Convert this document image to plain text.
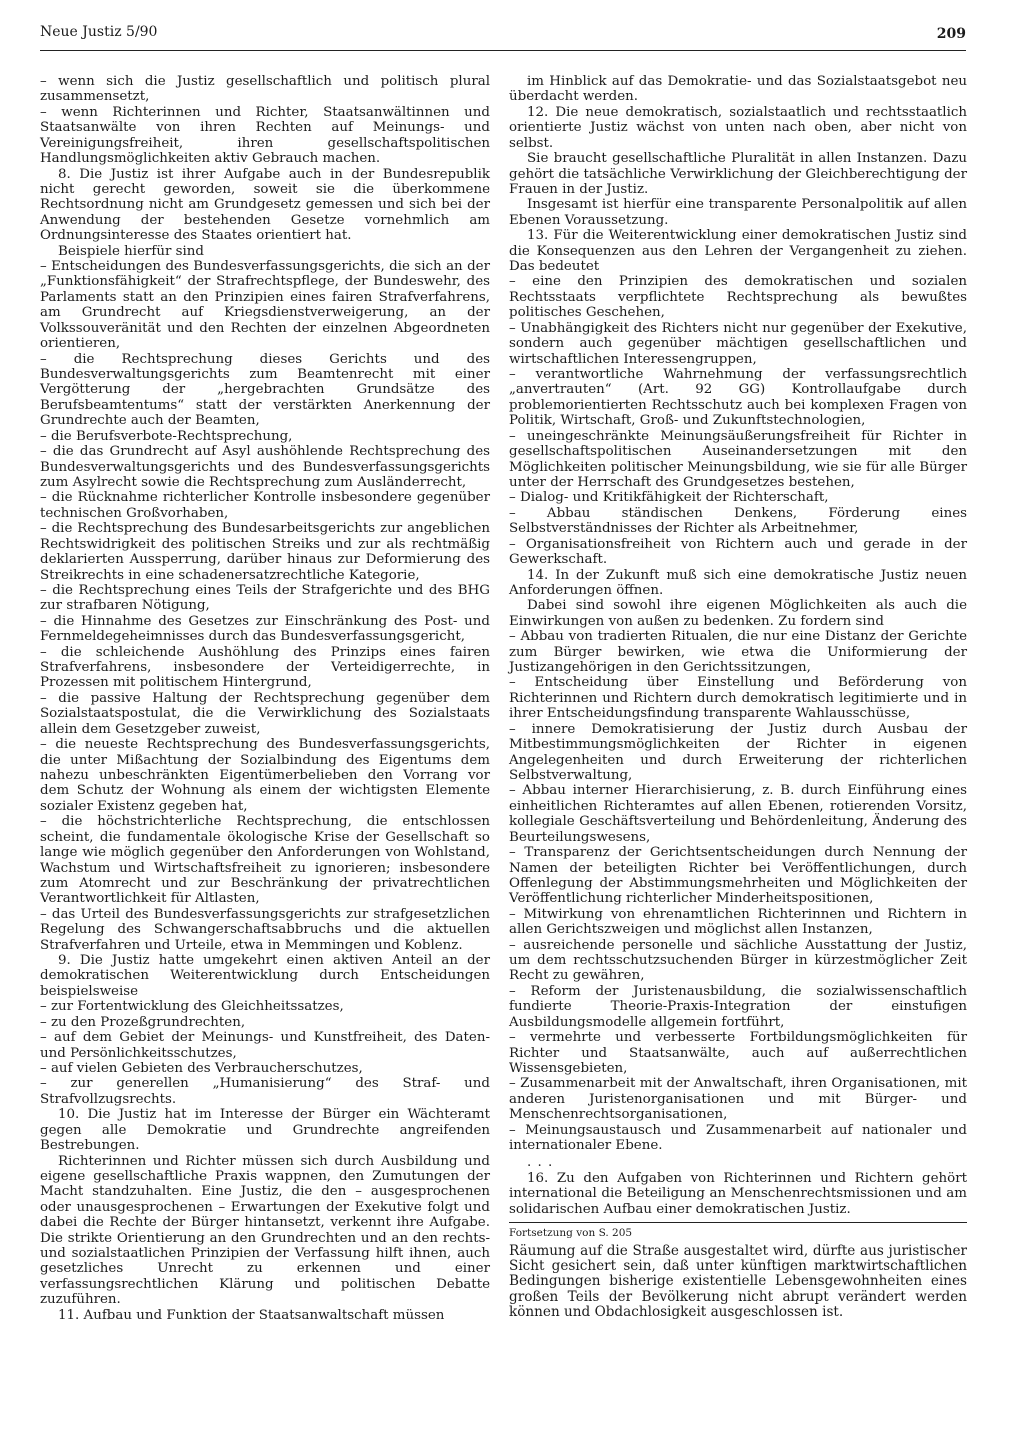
Neue Justiz 5/90	209

– wenn sich die Justiz gesellschaftlich und politisch plural zusammensetzt,

– wenn Richterinnen und Richter, Staatsanwältinnen und Staatsanwälte von ihren Rechten auf Meinungs- und Vereinigungsfreiheit, ihren gesellschaftspolitischen Handlungsmöglichkeiten aktiv Gebrauch machen.

8. Die Justiz ist ihrer Aufgabe auch in der Bundesrepublik nicht gerecht geworden, soweit sie die überkommene Rechtsordnung nicht am Grundgesetz gemessen und sich bei der Anwendung der bestehenden Gesetze vornehmlich am Ordnungsinteresse des Staates orientiert hat.

Beispiele hierfür sind

– Entscheidungen des Bundesverfassungsgerichts, die sich an der „Funktionsfähigkeit“ der Strafrechtspflege, der Bundeswehr, des Parlaments statt an den Prinzipien eines fairen Strafverfahrens, am Grundrecht auf Kriegsdienstverweigerung, an der Volkssouveränität und den Rechten der einzelnen Abgeordneten orientieren,

– die Rechtsprechung dieses Gerichts und des Bundesverwaltungsgerichts zum Beamtenrecht mit einer Vergötterung der „hergebrachten Grundsätze des Berufsbeamtentums“ statt der verstärkten Anerkennung der Grundrechte auch der Beamten,

– die Berufsverbote-Rechtsprechung,

– die das Grundrecht auf Asyl aushöhlende Rechtsprechung des Bundesverwaltungsgerichts und des Bundesverfassungsgerichts zum Asylrecht sowie die Rechtsprechung zum Ausländerrecht,

– die Rücknahme richterlicher Kontrolle insbesondere gegenüber technischen Großvorhaben,

– die Rechtsprechung des Bundesarbeitsgerichts zur angeblichen Rechtswidrigkeit des politischen Streiks und zur als rechtmäßig deklarierten Aussperrung, darüber hinaus zur Deformierung des Streikrechts in eine schadenersatzrechtliche Kategorie,

– die Rechtsprechung eines Teils der Strafgerichte und des BHG zur strafbaren Nötigung,

– die Hinnahme des Gesetzes zur Einschränkung des Post- und Fernmeldegeheimnisses durch das Bundesverfassungsgericht,

– die schleichende Aushöhlung des Prinzips eines fairen Strafverfahrens, insbesondere der Verteidigerrechte, in Prozessen mit politischem Hintergrund,

– die passive Haltung der Rechtsprechung gegenüber dem Sozialstaatspostulat, die die Verwirklichung des Sozialstaats allein dem Gesetzgeber zuweist,

– die neueste Rechtsprechung des Bundesverfassungsgerichts, die unter Mißachtung der Sozialbindung des Eigentums dem nahezu unbeschränkten Eigentümerbelieben den Vorrang vor dem Schutz der Wohnung als einem der wichtigsten Elemente sozialer Existenz gegeben hat,

– die höchstrichterliche Rechtsprechung, die entschlossen scheint, die fundamentale ökologische Krise der Gesellschaft so lange wie möglich gegenüber den Anforderungen von Wohlstand, Wachstum und Wirtschaftsfreiheit zu ignorieren; insbesondere zum Atomrecht und zur Beschränkung der privatrechtlichen Verantwortlichkeit für Altlasten,

– das Urteil des Bundesverfassungsgerichts zur strafgesetzlichen Regelung des Schwangerschaftsabbruchs und die aktuellen Strafverfahren und Urteile, etwa in Memmingen und Koblenz.

9. Die Justiz hatte umgekehrt einen aktiven Anteil an der demokratischen Weiterentwicklung durch Entscheidungen beispielsweise

– zur Fortentwicklung des Gleichheitssatzes,

– zu den Prozeßgrundrechten,

– auf dem Gebiet der Meinungs- und Kunstfreiheit, des Daten- und Persönlichkeitsschutzes,

– auf vielen Gebieten des Verbraucherschutzes,

– zur generellen „Humanisierung“ des Straf- und Strafvollzugsrechts.

10. Die Justiz hat im Interesse der Bürger ein Wächteramt gegen alle Demokratie und Grundrechte angreifenden Bestrebungen.

Richterinnen und Richter müssen sich durch Ausbildung und eigene gesellschaftliche Praxis wappnen, den Zumutungen der Macht standzuhalten. Eine Justiz, die den – ausgesprochenen oder unausgesprochenen – Erwartungen der Exekutive folgt und dabei die Rechte der Bürger hintansetzt, verkennt ihre Aufgabe. Die strikte Orientierung an den Grundrechten und an den rechts- und sozialstaatlichen Prinzipien der Verfassung hilft ihnen, auch gesetzliches Unrecht zu erkennen und einer verfassungsrechtlichen Klärung und politischen Debatte zuzuführen.

11. Aufbau und Funktion der Staatsanwaltschaft müssen

im Hinblick auf das Demokratie- und das Sozialstaatsgebot neu überdacht werden.

12. Die neue demokratisch, sozialstaatlich und rechtsstaatlich orientierte Justiz wächst von unten nach oben, aber nicht von selbst.

Sie braucht gesellschaftliche Pluralität in allen Instanzen. Dazu gehört die tatsächliche Verwirklichung der Gleichberechtigung der Frauen in der Justiz.

Insgesamt ist hierfür eine transparente Personalpolitik auf allen Ebenen Voraussetzung.

13. Für die Weiterentwicklung einer demokratischen Justiz sind die Konsequenzen aus den Lehren der Vergangenheit zu ziehen. Das bedeutet

– eine den Prinzipien des demokratischen und sozialen Rechtsstaats verpflichtete Rechtsprechung als bewußtes politisches Geschehen,

– Unabhängigkeit des Richters nicht nur gegenüber der Exekutive, sondern auch gegenüber mächtigen gesellschaftlichen und wirtschaftlichen Interessengruppen,

– verantwortliche Wahrnehmung der verfassungsrechtlich „anvertrauten“ (Art. 92 GG) Kontrollaufgabe durch problemorientierten Rechtsschutz auch bei komplexen Fragen von Politik, Wirtschaft, Groß- und Zukunftstechnologien,

– uneingeschränkte Meinungsäußerungsfreiheit für Richter in gesellschaftspolitischen Auseinandersetzungen mit den Möglichkeiten politischer Meinungsbildung, wie sie für alle Bürger unter der Herrschaft des Grundgesetzes bestehen,

– Dialog- und Kritikfähigkeit der Richterschaft,

– Abbau ständischen Denkens, Förderung eines Selbstverständnisses der Richter als Arbeitnehmer,

– Organisationsfreiheit von Richtern auch und gerade in der Gewerkschaft.

14. In der Zukunft muß sich eine demokratische Justiz neuen Anforderungen öffnen.

Dabei sind sowohl ihre eigenen Möglichkeiten als auch die Einwirkungen von außen zu bedenken. Zu fordern sind

– Abbau von tradierten Ritualen, die nur eine Distanz der Gerichte zum Bürger bewirken, wie etwa die Uniformierung der Justizangehörigen in den Gerichtssitzungen,

– Entscheidung über Einstellung und Beförderung von Richterinnen und Richtern durch demokratisch legitimierte und in ihrer Entscheidungsfindung transparente Wahlausschüsse,

– innere Demokratisierung der Justiz durch Ausbau der Mitbestimmungsmöglichkeiten der Richter in eigenen Angelegenheiten und durch Erweiterung der richterlichen Selbstverwaltung,

– Abbau interner Hierarchisierung, z. B. durch Einführung eines einheitlichen Richteramtes auf allen Ebenen, rotierenden Vorsitz, kollegiale Geschäftsverteilung und Behördenleitung, Änderung des Beurteilungswesens,

– Transparenz der Gerichtsentscheidungen durch Nennung der Namen der beteiligten Richter bei Veröffentlichungen, durch Offenlegung der Abstimmungsmehrheiten und Möglichkeiten der Veröffentlichung richterlicher Minderheitspositionen,

– Mitwirkung von ehrenamtlichen Richterinnen und Richtern in allen Gerichtszweigen und möglichst allen Instanzen,

– ausreichende personelle und sächliche Ausstattung der Justiz, um dem rechtsschutzsuchenden Bürger in kürzestmöglicher Zeit Recht zu gewähren,

– Reform der Juristenausbildung, die sozialwissenschaftlich fundierte Theorie-Praxis-Integration der einstufigen Ausbildungsmodelle allgemein fortführt,

– vermehrte und verbesserte Fortbildungsmöglichkeiten für Richter und Staatsanwälte, auch auf außerrechtlichen Wissensgebieten,

– Zusammenarbeit mit der Anwaltschaft, ihren Organisationen, mit anderen Juristenorganisationen und mit Bürger- und Menschenrechtsorganisationen,

– Meinungsaustausch und Zusammenarbeit auf nationaler und internationaler Ebene.

. . .

16. Zu den Aufgaben von Richterinnen und Richtern gehört international die Beteiligung an Menschenrechtsmissionen und am solidarischen Aufbau einer demokratischen Justiz.

Fortsetzung von S. 205

Räumung auf die Straße ausgestaltet wird, dürfte aus juristischer Sicht gesichert sein, daß unter künftigen marktwirtschaftlichen Bedingungen bisherige existentielle Lebensgewohnheiten eines großen Teils der Bevölkerung nicht abrupt verändert werden können und Obdachlosigkeit ausgeschlossen ist.
